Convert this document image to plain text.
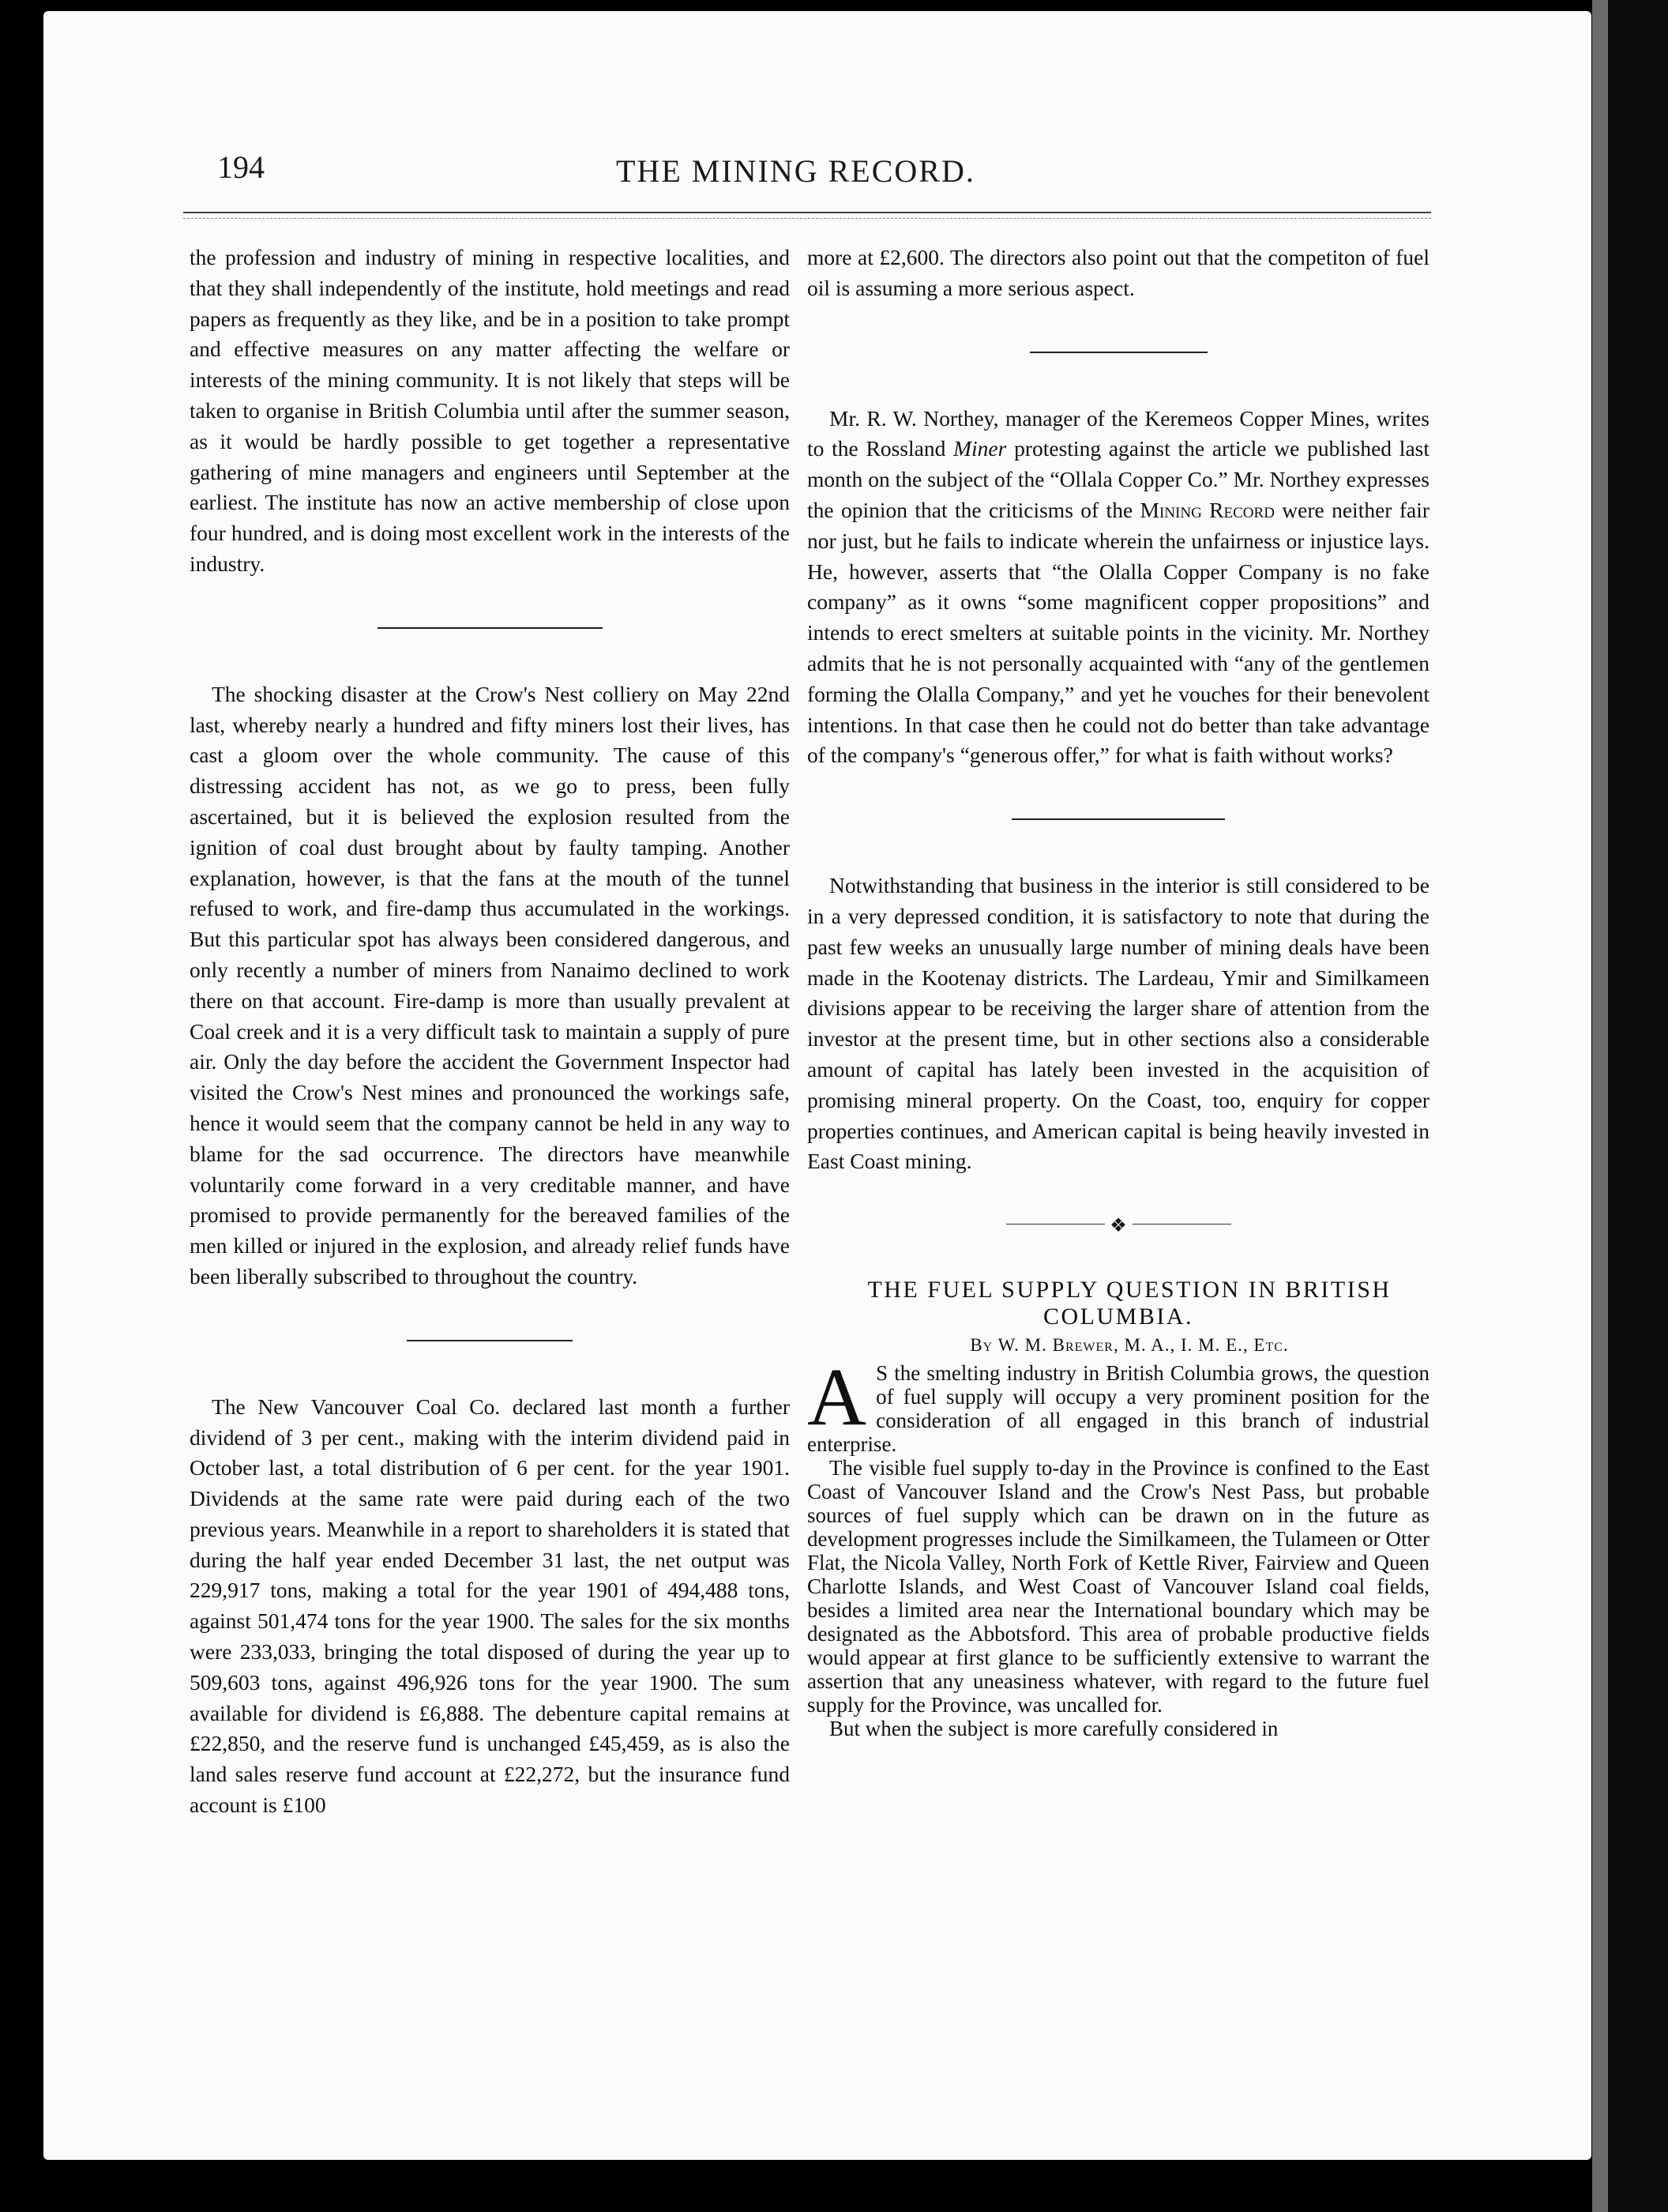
194	THE MINING RECORD.

the profession and industry of mining in respective localities, and that they shall independently of the institute, hold meetings and read papers as frequently as they like, and be in a position to take prompt and effective measures on any matter affecting the welfare or interests of the mining community. It is not likely that steps will be taken to organise in British Columbia until after the summer season, as it would be hardly possible to get together a representative gathering of mine managers and engineers until September at the earliest. The institute has now an active membership of close upon four hundred, and is doing most excellent work in the interests of the industry.

The shocking disaster at the Crow's Nest colliery on May 22nd last, whereby nearly a hundred and fifty miners lost their lives, has cast a gloom over the whole community. The cause of this distressing accident has not, as we go to press, been fully ascertained, but it is believed the explosion resulted from the ignition of coal dust brought about by faulty tamping. Another explanation, however, is that the fans at the mouth of the tunnel refused to work, and fire-damp thus accumulated in the workings. But this particular spot has always been considered dangerous, and only recently a number of miners from Nanaimo declined to work there on that account. Fire-damp is more than usually prevalent at Coal creek and it is a very difficult task to maintain a supply of pure air. Only the day before the accident the Government Inspector had visited the Crow's Nest mines and pronounced the workings safe, hence it would seem that the company cannot be held in any way to blame for the sad occurrence. The directors have meanwhile voluntarily come forward in a very creditable manner, and have promised to provide permanently for the bereaved families of the men killed or injured in the explosion, and already relief funds have been liberally subscribed to throughout the country.

The New Vancouver Coal Co. declared last month a further dividend of 3 per cent., making with the interim dividend paid in October last, a total distribution of 6 per cent. for the year 1901. Dividends at the same rate were paid during each of the two previous years. Meanwhile in a report to shareholders it is stated that during the half year ended December 31 last, the net output was 229,917 tons, making a total for the year 1901 of 494,488 tons, against 501,474 tons for the year 1900. The sales for the six months were 233,033, bringing the total disposed of during the year up to 509,603 tons, against 496,926 tons for the year 1900. The sum available for dividend is £6,888. The debenture capital remains at £22,850, and the reserve fund is unchanged £45,459, as is also the land sales reserve fund account at £22,272, but the insurance fund account is £100

more at £2,600. The directors also point out that the competiton of fuel oil is assuming a more serious aspect.

Mr. R. W. Northey, manager of the Keremeos Copper Mines, writes to the Rossland Miner protesting against the article we published last month on the subject of the “Ollala Copper Co.” Mr. Northey expresses the opinion that the criticisms of the Mining Record were neither fair nor just, but he fails to indicate wherein the unfairness or injustice lays. He, however, asserts that “the Olalla Copper Company is no fake company” as it owns “some magnificent copper propositions” and intends to erect smelters at suitable points in the vicinity. Mr. Northey admits that he is not personally acquainted with “any of the gentlemen forming the Olalla Company,” and yet he vouches for their benevolent intentions. In that case then he could not do better than take advantage of the company's “generous offer,” for what is faith without works?

Notwithstanding that business in the interior is still considered to be in a very depressed condition, it is satisfactory to note that during the past few weeks an unusually large number of mining deals have been made in the Kootenay districts. The Lardeau, Ymir and Similkameen divisions appear to be receiving the larger share of attention from the investor at the present time, but in other sections also a considerable amount of capital has lately been invested in the acquisition of promising mineral property. On the Coast, too, enquiry for copper properties continues, and American capital is being heavily invested in East Coast mining.

❖

THE FUEL SUPPLY QUESTION IN BRITISH COLUMBIA.

By W. M. Brewer, M. A., I. M. E., Etc.

A S the smelting industry in British Columbia grows, the question of fuel supply will occupy a very prominent position for the consideration of all engaged in this branch of industrial enterprise.

The visible fuel supply to-day in the Province is confined to the East Coast of Vancouver Island and the Crow's Nest Pass, but probable sources of fuel supply which can be drawn on in the future as development progresses include the Similkameen, the Tulameen or Otter Flat, the Nicola Valley, North Fork of Kettle River, Fairview and Queen Charlotte Islands, and West Coast of Vancouver Island coal fields, besides a limited area near the International boundary which may be designated as the Abbotsford. This area of probable productive fields would appear at first glance to be sufficiently extensive to warrant the assertion that any uneasiness whatever, with regard to the future fuel supply for the Province, was uncalled for.

But when the subject is more carefully considered in
